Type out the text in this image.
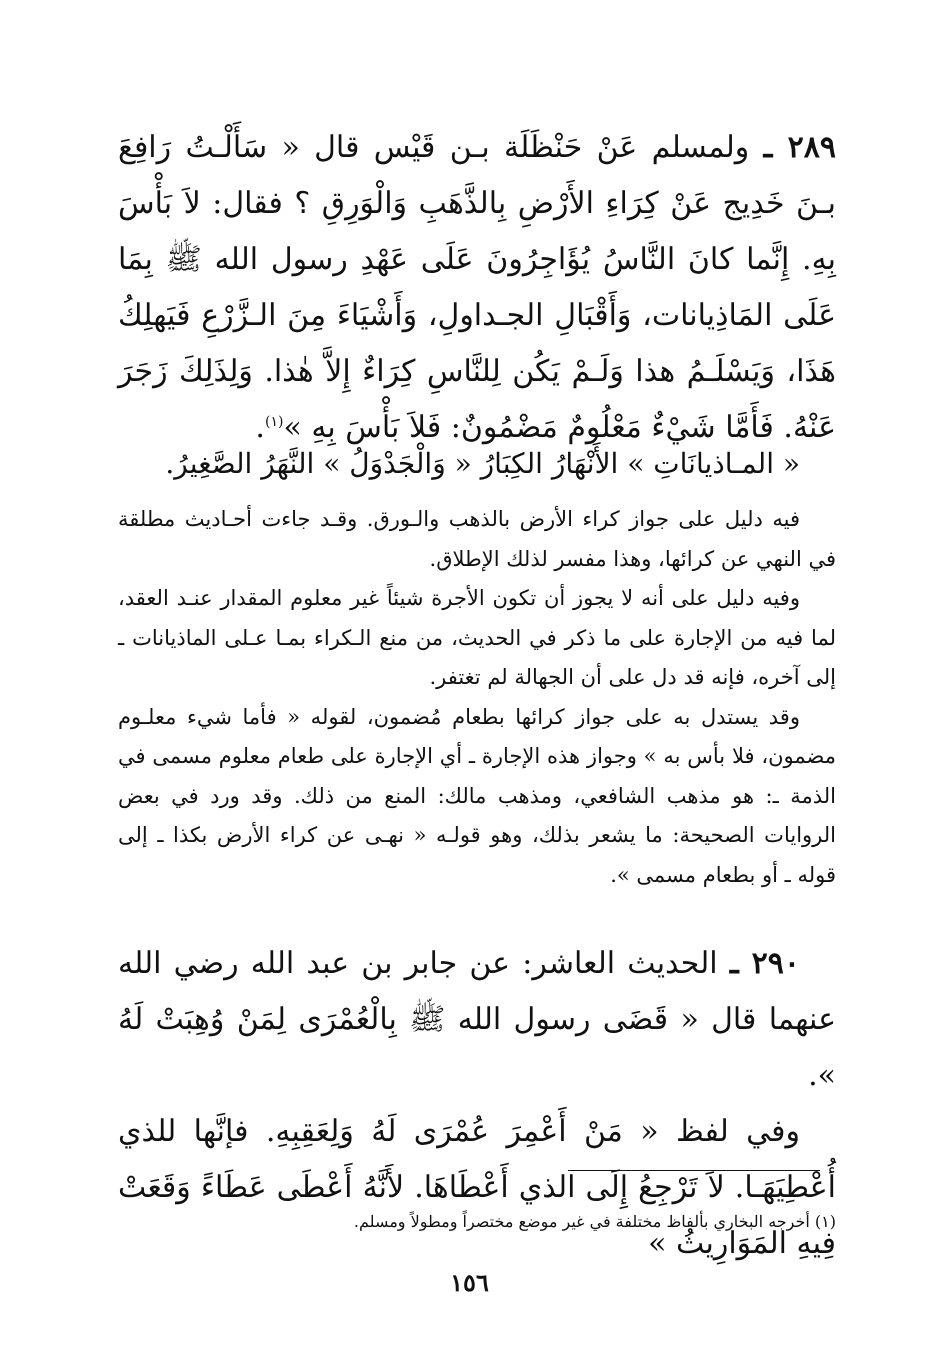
٢٨٩ ـ ولمسلم عَنْ حَنْظَلَة بـن قَيْس قال « سَأَلْـتُ رَافِعَ بـنَ خَدِيج عَنْ كِرَاءِ الأَرْضِ بِالذَّهَبِ وَالْوَرِقِ ؟ فقال: لاَ بَأْسَ بِهِ. إِنَّما كانَ النَّاسُ يُؤَاجِرُونَ عَلَى عَهْدِ رسول الله ﷺ بِمَا عَلَى المَاذِيانات، وَأَقْبَالِ الجـداولِ، وَأَشْيَاءَ مِنَ الـزَّرْعِ فَيَهلِكُ هَذَا، وَيَسْلَـمُ هذا وَلَـمْ يَكُن لِلنَّاسِ كِرَاءٌ إِلاَّ هٰذا. وَلِذَلِكَ زَجَرَ عَنْهُ. فَأَمَّا شَيْءٌ مَعْلُومٌ مَضْمُونٌ: فَلاَ بَأْسَ بِهِ »$^{(١)}$.
« المـاذيانَاتِ » الأَنْهَارُ الكِبَارُ « وَالْجَدْوَلُ » النَّهَرُ الصَّغِيرُ.

فيه دليل على جواز كراء الأرض بالذهب والـورق. وقـد جاءت أحـاديث مطلقة في النهي عن كرائها، وهذا مفسر لذلك الإطلاق.

وفيه دليل على أنه لا يجوز أن تكون الأجرة شيئاً غير معلوم المقدار عنـد العقد، لما فيه من الإجارة على ما ذكر في الحديث، من منع الـكراء بمـا عـلى الماذيانات ـ إلى آخره، فإنه قد دل على أن الجهالة لم تغتفر.

وقد يستدل به على جواز كرائها بطعام مُضمون، لقوله « فأما شيء معلـوم مضمون، فلا بأس به » وجواز هذه الإجارة ـ أي الإجارة على طعام معلوم مسمى في الذمة ـ: هو مذهب الشافعي، ومذهب مالك: المنع من ذلك. وقد ورد في بعض الروايات الصحيحة: ما يشعر بذلك، وهو قولـه « نهـى عن كراء الأرض بكذا ـ إلى قوله ـ أو بطعام مسمى ».

٢٩٠ ـ الحديث العاشر: عن جابر بن عبد الله رضي الله عنهما قال « قَضَى رسول الله ﷺ بِالْعُمْرَى لِمَنْ وُهِبَتْ لَهُ ».

وفي لفظ « مَنْ أَعْمِرَ عُمْرَى لَهُ وَلِعَقِبِهِ. فإنَّها للذي أُعْطِيَهَـا. لاَ تَرْجِعُ إِلَى الذي أَعْطَاهَا. لأَنَّهُ أَعْطَى عَطَاءً وَقَعَتْ فِيهِ المَوَارِيثُ »

(١) أخرجه البخاري بألفاظ مختلفة في غير موضع مختصراً ومطولاً ومسلم.
١٥٦
